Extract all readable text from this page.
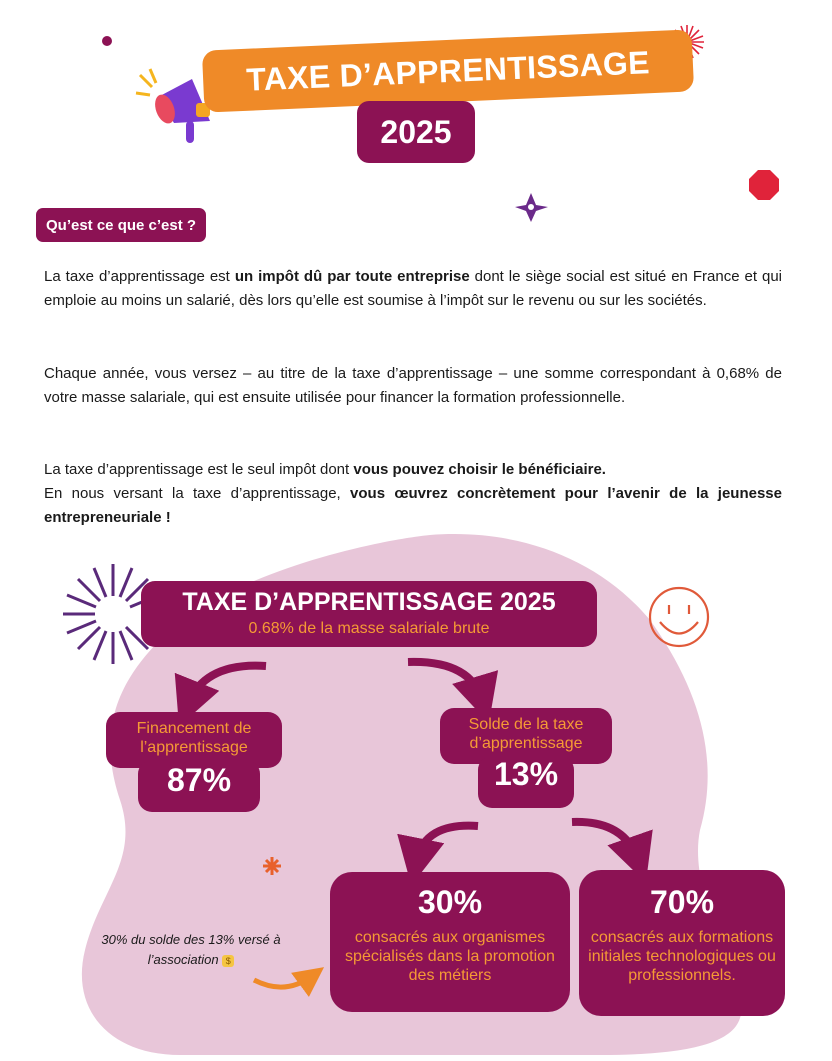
TAXE D’APPRENTISSAGE
2025
Qu’est ce que c’est ?
La taxe d’apprentissage est un impôt dû par toute entreprise dont le siège social est situé en France et qui emploie au moins un salarié, dès lors qu’elle est soumise à l’impôt sur le revenu ou sur les sociétés.
Chaque année, vous versez – au titre de la taxe d’apprentissage – une somme correspondant à 0,68% de votre masse salariale, qui est ensuite utilisée pour financer la formation professionnelle.
La taxe d’apprentissage est le seul impôt dont vous pouvez choisir le bénéficiaire.
En nous versant la taxe d’apprentissage, vous œuvrez concrètement pour l’avenir de la jeunesse entrepreneuriale !
TAXE D’APPRENTISSAGE 2025
0.68% de la masse salariale brute
Financement de l’apprentissage
87%
Solde de la taxe d’apprentissage
13%
30%
consacrés aux organismes spécialisés dans la promotion des métiers
70%
consacrés aux formations initiales technologiques ou professionnels.
30% du solde des 13% versé à l’association $
